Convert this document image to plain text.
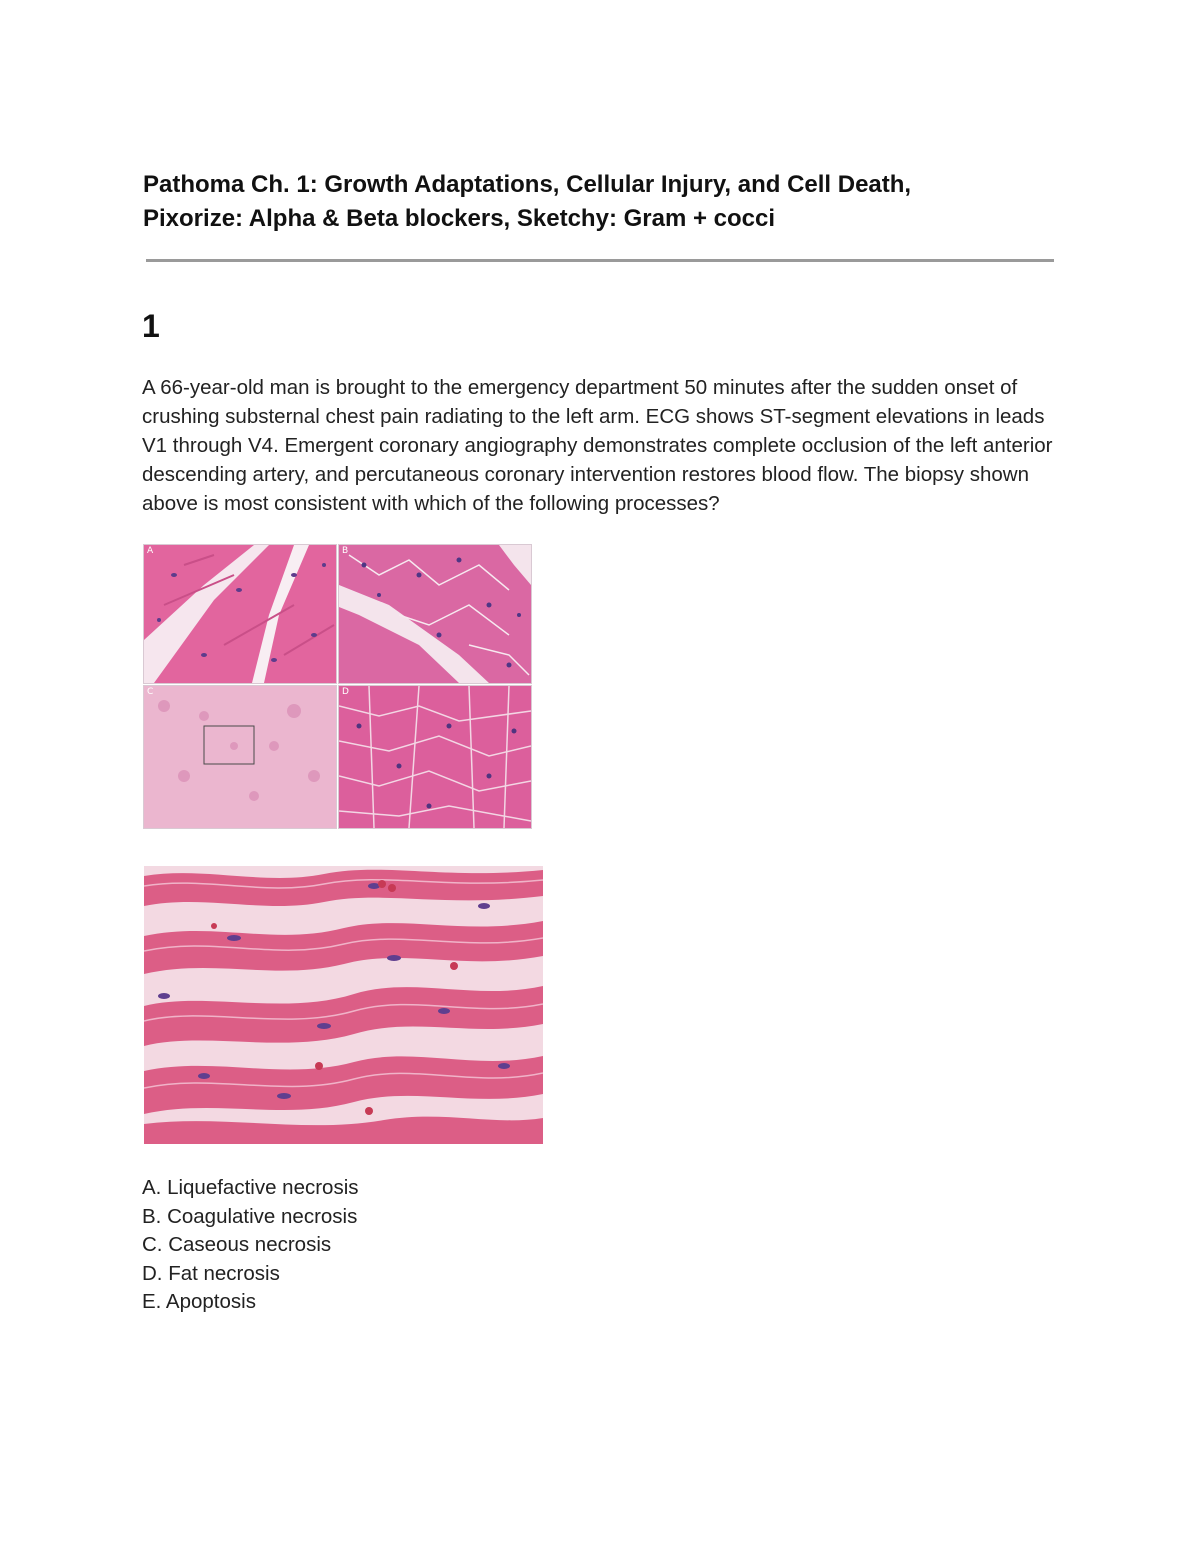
Pathoma Ch. 1: Growth Adaptations, Cellular Injury, and Cell Death,
Pixorize: Alpha & Beta blockers, Sketchy: Gram + cocci
1
A 66-year-old man is brought to the emergency department 50 minutes after the sudden onset of crushing substernal chest pain radiating to the left arm. ECG shows ST-segment elevations in leads V1 through V4. Emergent coronary angiography demonstrates complete occlusion of the left anterior descending artery, and percutaneous coronary intervention restores blood flow. The biopsy shown above is most consistent with which of the following processes?
A	B
C	D
A. Liquefactive necrosis
B. Coagulative necrosis
C. Caseous necrosis
D. Fat necrosis
E. Apoptosis
